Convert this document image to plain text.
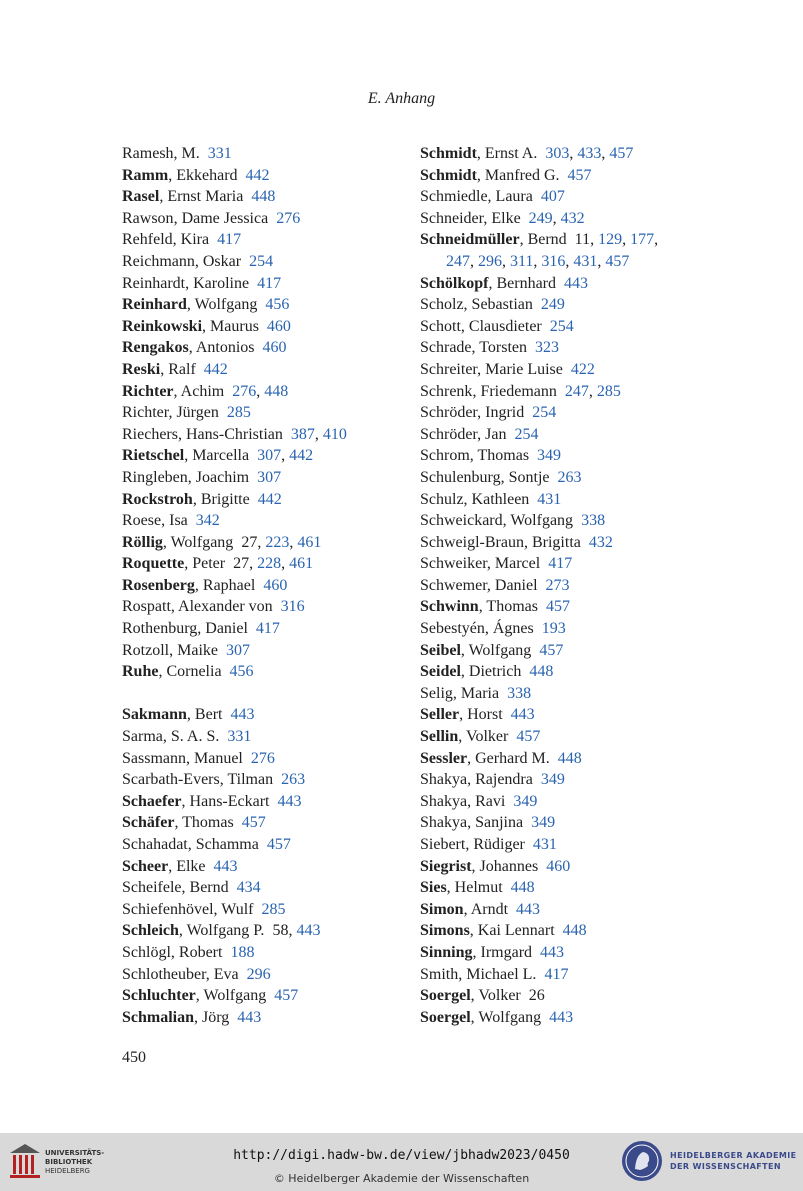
E. Anhang
Ramesh, M. 331
Ramm, Ekkehard 442
Rasel, Ernst Maria 448
Rawson, Dame Jessica 276
Rehfeld, Kira 417
Reichmann, Oskar 254
Reinhardt, Karoline 417
Reinhard, Wolfgang 456
Reinkowski, Maurus 460
Rengakos, Antonios 460
Reski, Ralf 442
Richter, Achim 276, 448
Richter, Jürgen 285
Riechers, Hans-Christian 387, 410
Rietschel, Marcella 307, 442
Ringleben, Joachim 307
Rockstroh, Brigitte 442
Roese, Isa 342
Röllig, Wolfgang 27, 223, 461
Roquette, Peter 27, 228, 461
Rosenberg, Raphael 460
Rospatt, Alexander von 316
Rothenburg, Daniel 417
Rotzoll, Maike 307
Ruhe, Cornelia 456
Sakmann, Bert 443
Sarma, S. A. S. 331
Sassmann, Manuel 276
Scarbath-Evers, Tilman 263
Schaefer, Hans-Eckart 443
Schäfer, Thomas 457
Schahadat, Schamma 457
Scheer, Elke 443
Scheifele, Bernd 434
Schiefenhövel, Wulf 285
Schleich, Wolfgang P. 58, 443
Schlögl, Robert 188
Schlotheuber, Eva 296
Schluchter, Wolfgang 457
Schmalian, Jörg 443
Schmidt, Ernst A. 303, 433, 457
Schmidt, Manfred G. 457
Schmiedle, Laura 407
Schneider, Elke 249, 432
Schneidmüller, Bernd 11, 129, 177,
247, 296, 311, 316, 431, 457
Schölkopf, Bernhard 443
Scholz, Sebastian 249
Schott, Clausdieter 254
Schrade, Torsten 323
Schreiter, Marie Luise 422
Schrenk, Friedemann 247, 285
Schröder, Ingrid 254
Schröder, Jan 254
Schrom, Thomas 349
Schulenburg, Sontje 263
Schulz, Kathleen 431
Schweickard, Wolfgang 338
Schweigl-Braun, Brigitta 432
Schweiker, Marcel 417
Schwemer, Daniel 273
Schwinn, Thomas 457
Sebestyén, Ágnes 193
Seibel, Wolfgang 457
Seidel, Dietrich 448
Selig, Maria 338
Seller, Horst 443
Sellin, Volker 457
Sessler, Gerhard M. 448
Shakya, Rajendra 349
Shakya, Ravi 349
Shakya, Sanjina 349
Siebert, Rüdiger 431
Siegrist, Johannes 460
Sies, Helmut 448
Simon, Arndt 443
Simons, Kai Lennart 448
Sinning, Irmgard 443
Smith, Michael L. 417
Soergel, Volker 26
Soergel, Wolfgang 443
450
UNIVERSITÄTS-
BIBLIOTHEK
HEIDELBERG
http://digi.hadw-bw.de/view/jbhadw2023/0450
© Heidelberger Akademie der Wissenschaften
HEIDELBERGER AKADEMIE
DER WISSENSCHAFTEN
